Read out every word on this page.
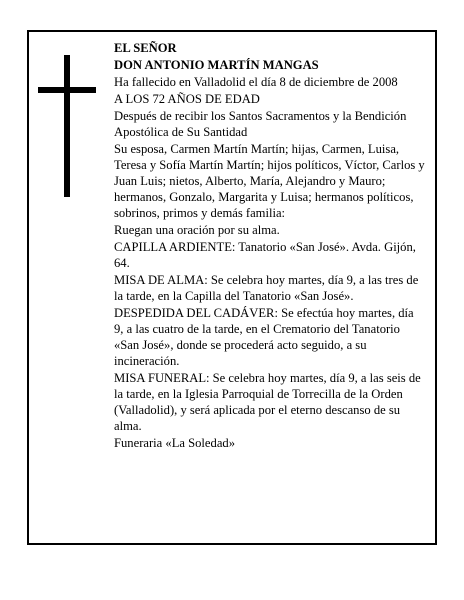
EL SEÑOR

DON ANTONIO MARTÍN MANGAS

Ha fallecido en Valladolid el día 8 de diciembre de 2008

A LOS 72 AÑOS DE EDAD

Después de recibir los Santos Sacramentos y la Bendición Apostólica de Su Santidad

Su esposa, Carmen Martín Martín; hijas, Carmen, Luisa, Teresa y Sofía Martín Martín; hijos políticos, Víctor, Carlos y Juan Luis; nietos, Alberto, María, Alejandro y Mauro; hermanos, Gonzalo, Margarita y Luisa; hermanos políticos, sobrinos, primos y demás familia:

Ruegan una oración por su alma.

CAPILLA ARDIENTE: Tanatorio «San José». Avda. Gijón, 64.

MISA DE ALMA: Se celebra hoy martes, día 9, a las tres de la tarde, en la Capilla del Tanatorio «San José».

DESPEDIDA DEL CADÁVER: Se efectúa hoy martes, día 9, a las cuatro de la tarde, en el Crematorio del Tanatorio «San José», donde se procederá acto seguido, a su incineración.

MISA FUNERAL: Se celebra hoy martes, día 9, a las seis de la tarde, en la Iglesia Parroquial de Torrecilla de la Orden (Valladolid), y será aplicada por el eterno descanso de su alma.

Funeraria «La Soledad»
